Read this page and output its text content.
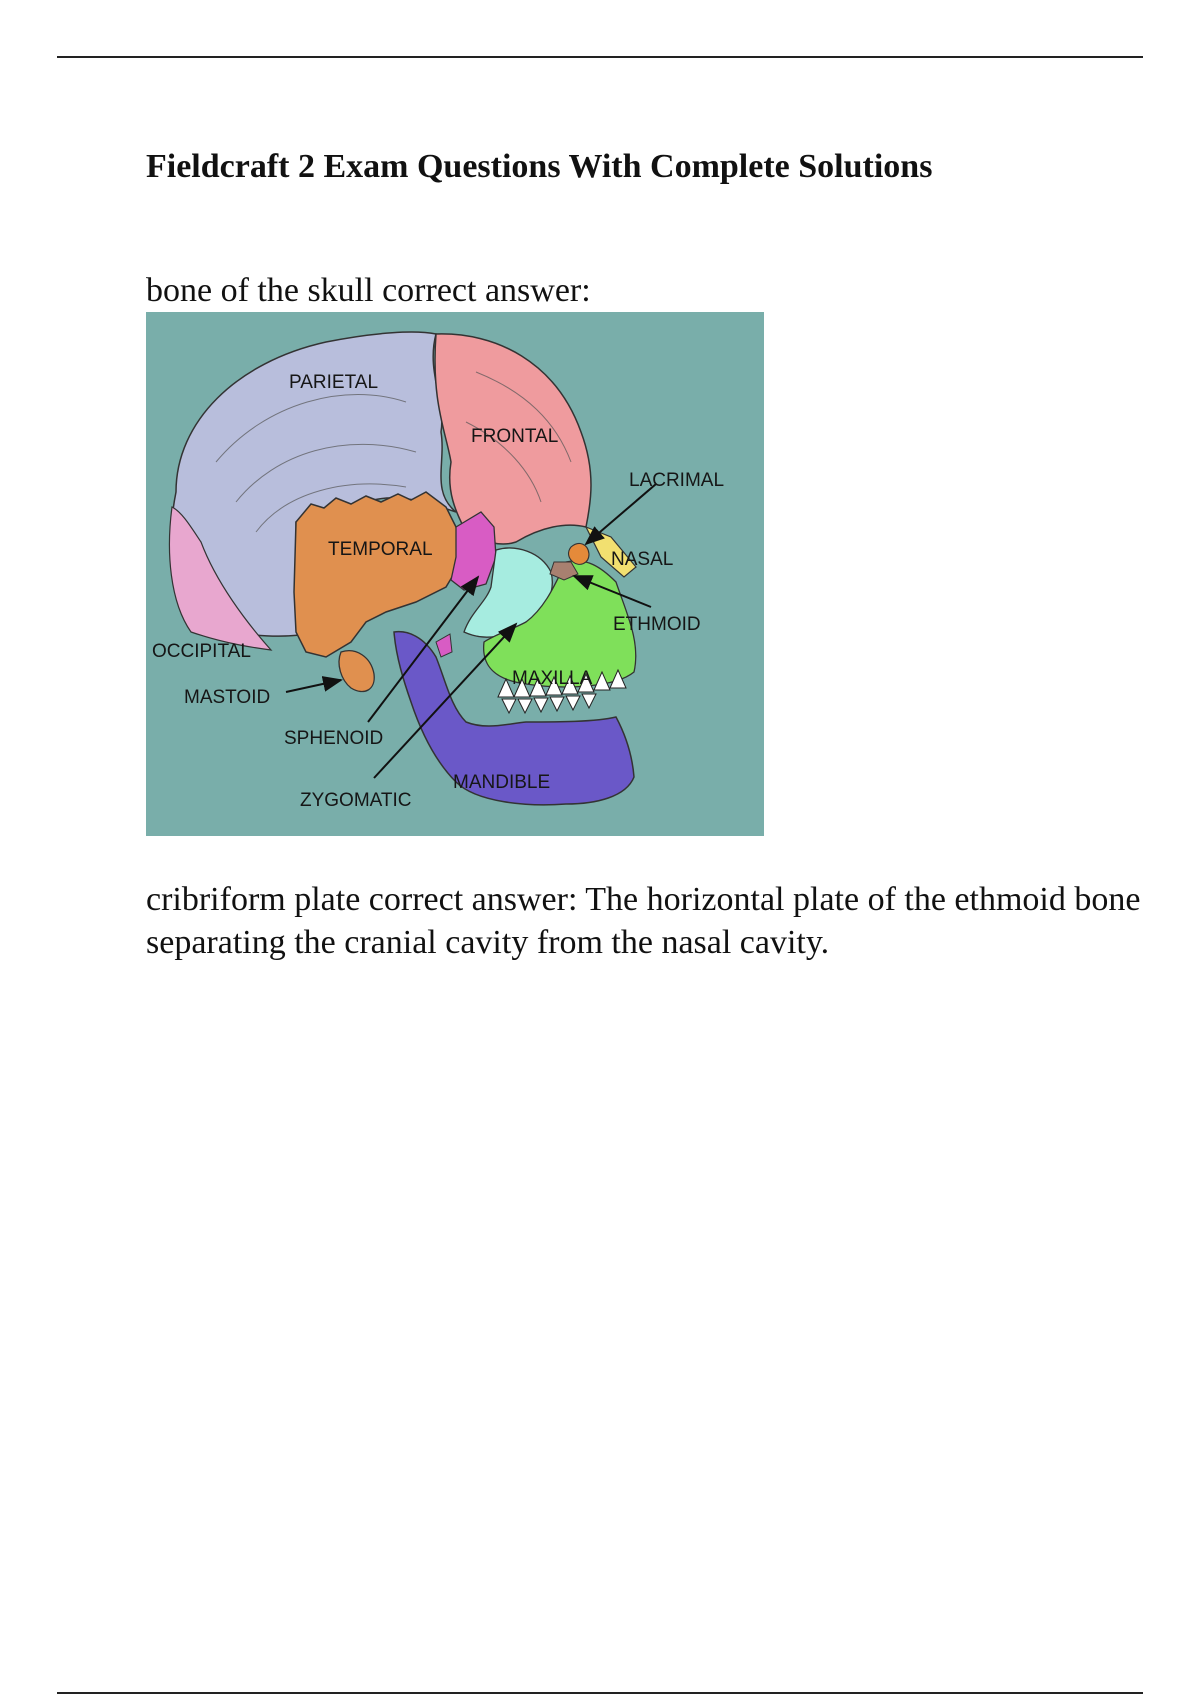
Fieldcraft 2 Exam Questions With Complete Solutions

bone of the skull correct answer:

PARIETAL
FRONTAL
LACRIMAL
TEMPORAL	NASAL
ETHMOID
OCCIPITAL
MAXILLA
MASTOID
SPHENOID
MANDIBLE
ZYGOMATIC

cribriform plate correct answer: The horizontal plate of the ethmoid bone separating the cranial cavity from the nasal cavity.
